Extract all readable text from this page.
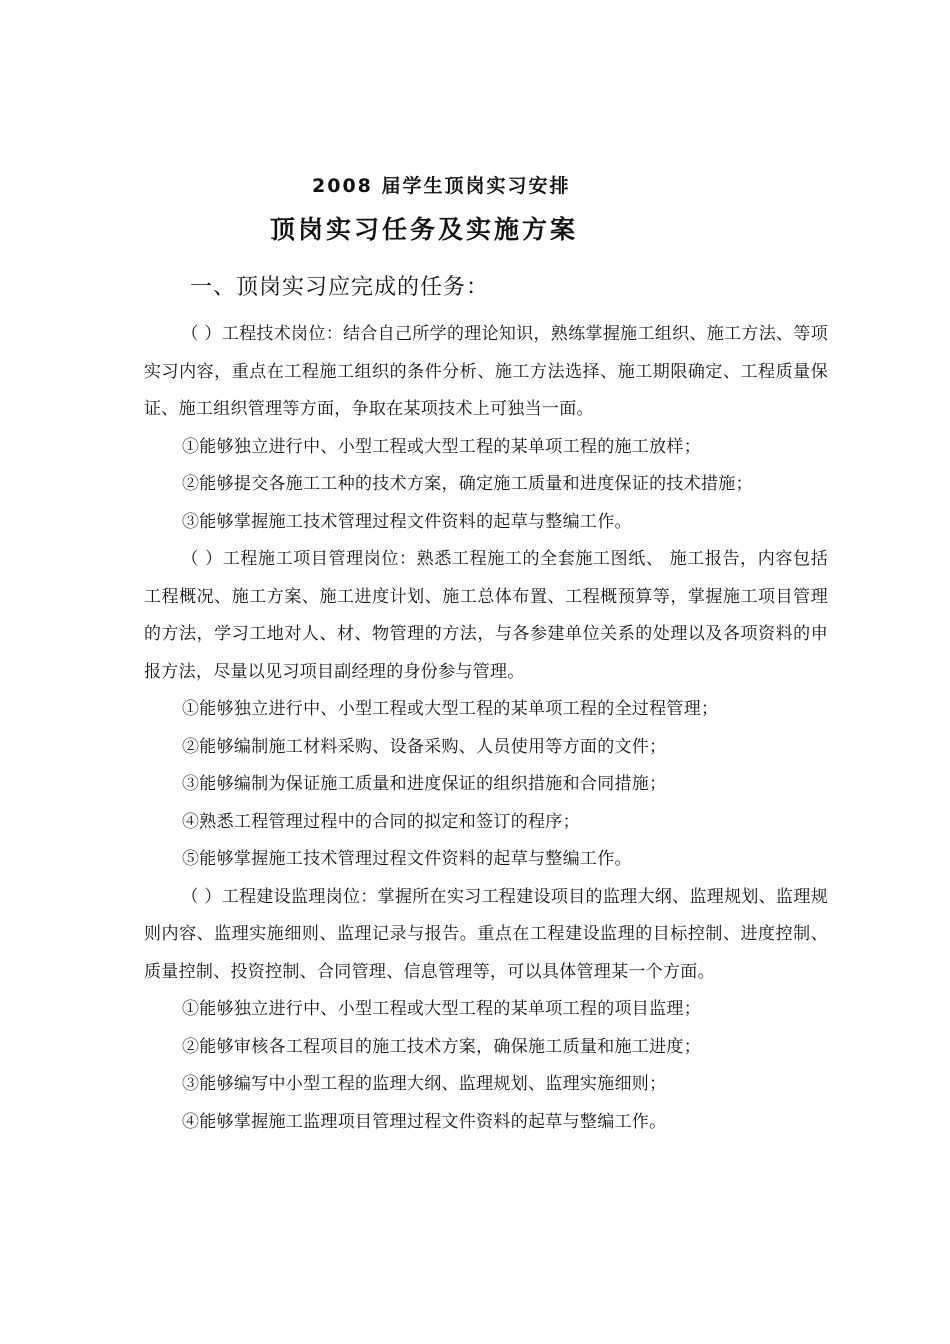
2008 届学生顶岗实习安排
顶岗实习任务及实施方案
一、顶岗实习应完成的任务：

（ ）工程技术岗位：结合自己所学的理论知识，熟练掌握施工组织、施工方法、等项实习内容，重点在工程施工组织的条件分析、施工方法选择、施工期限确定、工程质量保证、施工组织管理等方面，争取在某项技术上可独当一面。

①能够独立进行中、小型工程或大型工程的某单项工程的施工放样；

②能够提交各施工工种的技术方案，确定施工质量和进度保证的技术措施；

③能够掌握施工技术管理过程文件资料的起草与整编工作。

（ ）工程施工项目管理岗位：熟悉工程施工的全套施工图纸、 施工报告，内容包括工程概况、施工方案、施工进度计划、施工总体布置、工程概预算等，掌握施工项目管理的方法，学习工地对人、材、物管理的方法，与各参建单位关系的处理以及各项资料的申报方法，尽量以见习项目副经理的身份参与管理。

①能够独立进行中、小型工程或大型工程的某单项工程的全过程管理；

②能够编制施工材料采购、设备采购、人员使用等方面的文件；

③能够编制为保证施工质量和进度保证的组织措施和合同措施；

④熟悉工程管理过程中的合同的拟定和签订的程序；

⑤能够掌握施工技术管理过程文件资料的起草与整编工作。

（ ）工程建设监理岗位：掌握所在实习工程建设项目的监理大纲、监理规划、监理规则内容、监理实施细则、监理记录与报告。重点在工程建设监理的目标控制、进度控制、质量控制、投资控制、合同管理、信息管理等，可以具体管理某一个方面。

①能够独立进行中、小型工程或大型工程的某单项工程的项目监理；

②能够审核各工程项目的施工技术方案，确保施工质量和施工进度；

③能够编写中小型工程的监理大纲、监理规划、监理实施细则；

④能够掌握施工监理项目管理过程文件资料的起草与整编工作。
